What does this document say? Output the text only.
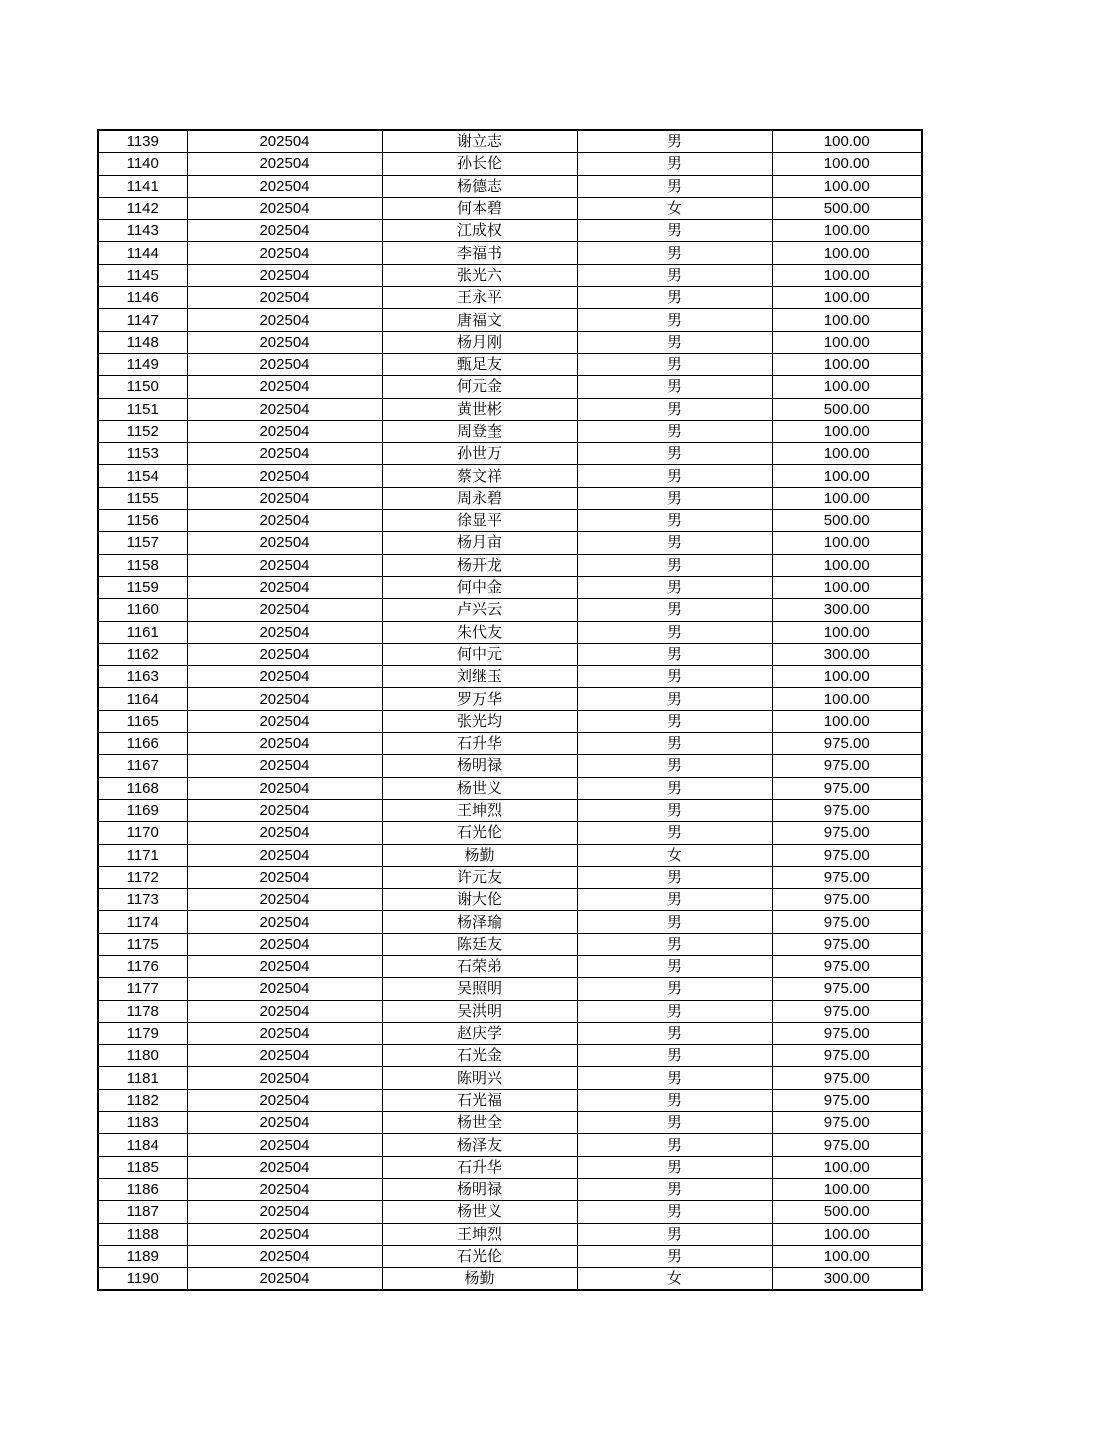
1139	202504	谢立志	男	100.00
1140	202504	孙长伦	男	100.00
1141	202504	杨德志	男	100.00
1142	202504	何本碧	女	500.00
1143	202504	江成权	男	100.00
1144	202504	李福书	男	100.00
1145	202504	张光六	男	100.00
1146	202504	王永平	男	100.00
1147	202504	唐福文	男	100.00
1148	202504	杨月刚	男	100.00
1149	202504	甄足友	男	100.00
1150	202504	何元金	男	100.00
1151	202504	黄世彬	男	500.00
1152	202504	周登奎	男	100.00
1153	202504	孙世万	男	100.00
1154	202504	蔡文祥	男	100.00
1155	202504	周永碧	男	100.00
1156	202504	徐显平	男	500.00
1157	202504	杨月亩	男	100.00
1158	202504	杨开龙	男	100.00
1159	202504	何中金	男	100.00
1160	202504	卢兴云	男	300.00
1161	202504	朱代友	男	100.00
1162	202504	何中元	男	300.00
1163	202504	刘继玉	男	100.00
1164	202504	罗万华	男	100.00
1165	202504	张光均	男	100.00
1166	202504	石升华	男	975.00
1167	202504	杨明禄	男	975.00
1168	202504	杨世义	男	975.00
1169	202504	王坤烈	男	975.00
1170	202504	石光伦	男	975.00
1171	202504	杨勤	女	975.00
1172	202504	许元友	男	975.00
1173	202504	谢大伦	男	975.00
1174	202504	杨泽瑜	男	975.00
1175	202504	陈廷友	男	975.00
1176	202504	石荣弟	男	975.00
1177	202504	吴照明	男	975.00
1178	202504	吴洪明	男	975.00
1179	202504	赵庆学	男	975.00
1180	202504	石光金	男	975.00
1181	202504	陈明兴	男	975.00
1182	202504	石光福	男	975.00
1183	202504	杨世全	男	975.00
1184	202504	杨泽友	男	975.00
1185	202504	石升华	男	100.00
1186	202504	杨明禄	男	100.00
1187	202504	杨世义	男	500.00
1188	202504	王坤烈	男	100.00
1189	202504	石光伦	男	100.00
1190	202504	杨勤	女	300.00
